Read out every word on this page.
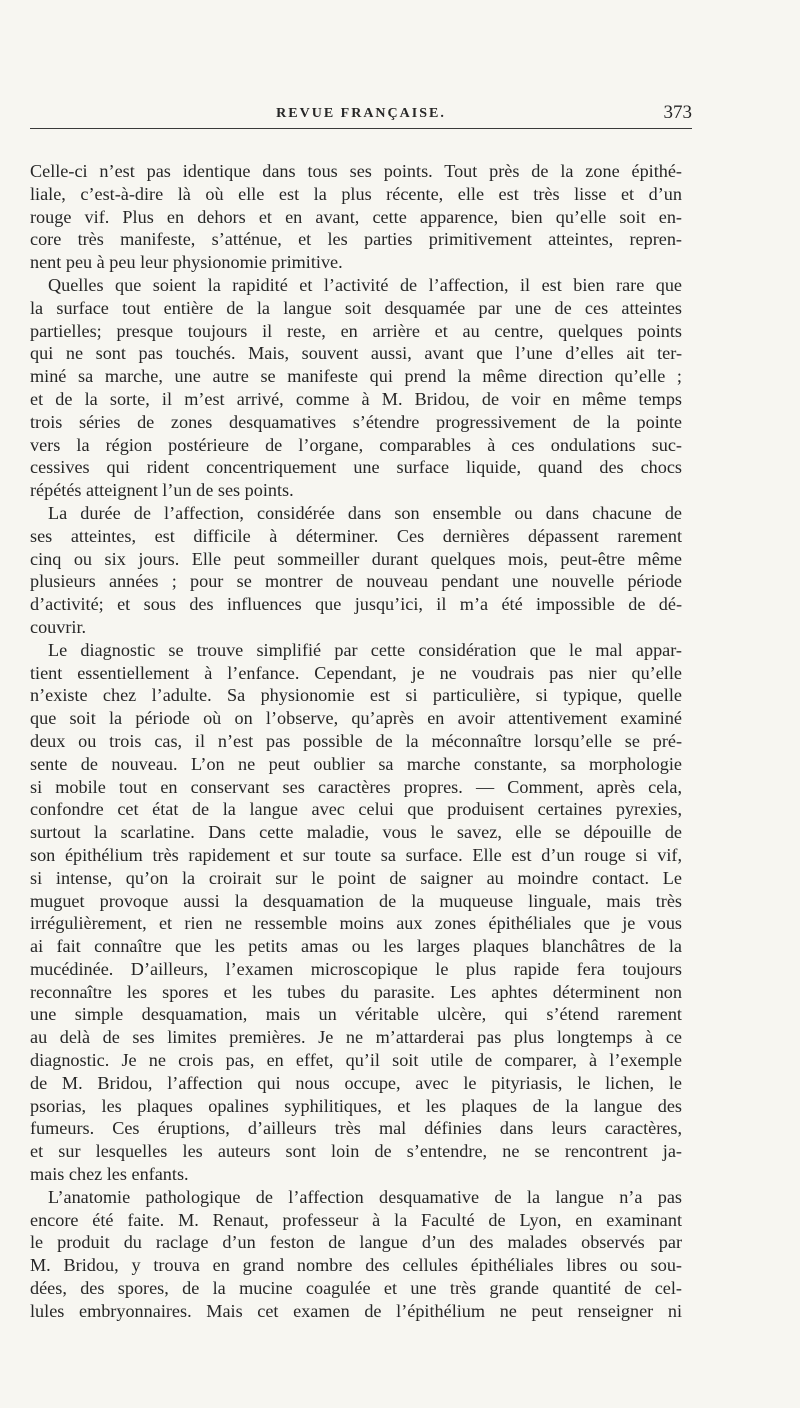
REVUE FRANÇAISE.	373
Celle-ci n’est pas identique dans tous ses points. Tout près de la zone épithé-
liale, c’est-à-dire là où elle est la plus récente, elle est très lisse et d’un
rouge vif. Plus en dehors et en avant, cette apparence, bien qu’elle soit en-
core très manifeste, s’atténue, et les parties primitivement atteintes, repren-
nent peu à peu leur physionomie primitive.
Quelles que soient la rapidité et l’activité de l’affection, il est bien rare que
la surface tout entière de la langue soit desquamée par une de ces atteintes
partielles; presque toujours il reste, en arrière et au centre, quelques points
qui ne sont pas touchés. Mais, souvent aussi, avant que l’une d’elles ait ter-
miné sa marche, une autre se manifeste qui prend la même direction qu’elle ;
et de la sorte, il m’est arrivé, comme à M. Bridou, de voir en même temps
trois séries de zones desquamatives s’étendre progressivement de la pointe
vers la région postérieure de l’organe, comparables à ces ondulations suc-
cessives qui rident concentriquement une surface liquide, quand des chocs
répétés atteignent l’un de ses points.
La durée de l’affection, considérée dans son ensemble ou dans chacune de
ses atteintes, est difficile à déterminer. Ces dernières dépassent rarement
cinq ou six jours. Elle peut sommeiller durant quelques mois, peut-être même
plusieurs années ; pour se montrer de nouveau pendant une nouvelle période
d’activité; et sous des influences que jusqu’ici, il m’a été impossible de dé-
couvrir.
Le diagnostic se trouve simplifié par cette considération que le mal appar-
tient essentiellement à l’enfance. Cependant, je ne voudrais pas nier qu’elle
n’existe chez l’adulte. Sa physionomie est si particulière, si typique, quelle
que soit la période où on l’observe, qu’après en avoir attentivement examiné
deux ou trois cas, il n’est pas possible de la méconnaître lorsqu’elle se pré-
sente de nouveau. L’on ne peut oublier sa marche constante, sa morphologie
si mobile tout en conservant ses caractères propres. — Comment, après cela,
confondre cet état de la langue avec celui que produisent certaines pyrexies,
surtout la scarlatine. Dans cette maladie, vous le savez, elle se dépouille de
son épithélium très rapidement et sur toute sa surface. Elle est d’un rouge si vif,
si intense, qu’on la croirait sur le point de saigner au moindre contact. Le
muguet provoque aussi la desquamation de la muqueuse linguale, mais très
irrégulièrement, et rien ne ressemble moins aux zones épithéliales que je vous
ai fait connaître que les petits amas ou les larges plaques blanchâtres de la
mucédinée. D’ailleurs, l’examen microscopique le plus rapide fera toujours
reconnaître les spores et les tubes du parasite. Les aphtes déterminent non
une simple desquamation, mais un véritable ulcère, qui s’étend rarement
au delà de ses limites premières. Je ne m’attarderai pas plus longtemps à ce
diagnostic. Je ne crois pas, en effet, qu’il soit utile de comparer, à l’exemple
de M. Bridou, l’affection qui nous occupe, avec le pityriasis, le lichen, le
psorias, les plaques opalines syphilitiques, et les plaques de la langue des
fumeurs. Ces éruptions, d’ailleurs très mal définies dans leurs caractères,
et sur lesquelles les auteurs sont loin de s’entendre, ne se rencontrent ja-
mais chez les enfants.
L’anatomie pathologique de l’affection desquamative de la langue n’a pas
encore été faite. M. Renaut, professeur à la Faculté de Lyon, en examinant
le produit du raclage d’un feston de langue d’un des malades observés par
M. Bridou, y trouva en grand nombre des cellules épithéliales libres ou sou-
dées, des spores, de la mucine coagulée et une très grande quantité de cel-
lules embryonnaires. Mais cet examen de l’épithélium ne peut renseigner ni
